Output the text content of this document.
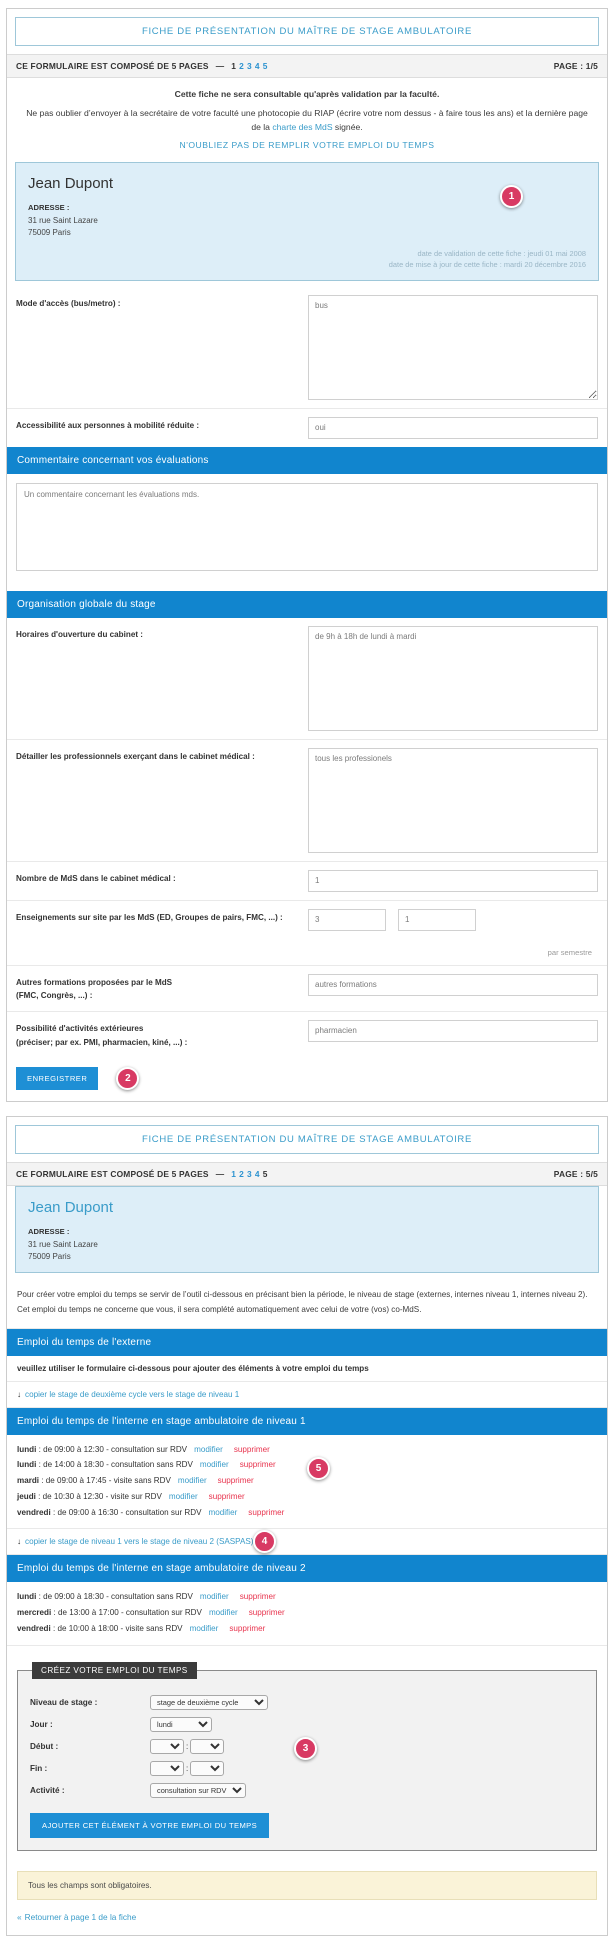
FICHE DE PRÉSENTATION DU MAÎTRE DE STAGE AMBULATOIRE
CE FORMULAIRE EST COMPOSÉ DE 5 PAGES — 1 2 3 4 5	PAGE : 1/5
Cette fiche ne sera consultable qu'après validation par la faculté.
Ne pas oublier d’envoyer à la secrétaire de votre faculté une photocopie du RIAP (écrire votre nom dessus - à faire tous les ans) et la dernière page de la charte des MdS signée.
N'OUBLIEZ PAS DE REMPLIR VOTRE EMPLOI DU TEMPS
1
Jean Dupont
ADRESSE :
31 rue Saint Lazare
75009 Paris
date de validation de cette fiche : jeudi 01 mai 2008
date de mise à jour de cette fiche : mardi 20 décembre 2016
Mode d'accès (bus/metro) :
bus
Accessibilité aux personnes à mobilité réduite :	oui
Commentaire concernant vos évaluations
Un commentaire concernant les évaluations mds.
Organisation globale du stage
Horaires d'ouverture du cabinet :	de 9h à 18h de lundi à mardi
Détailler les professionnels exerçant dans le cabinet médical :	tous les professionels
Nombre de MdS dans le cabinet médical :	1
Enseignements sur site par les MdS (ED, Groupes de pairs, FMC, ...) :	3	1
par semestre
Autres formations proposées par le MdS
(FMC, Congrès, ...) :
autres formations
Possibilité d'activités extérieures
(préciser; par ex. PMI, pharmacien, kiné, ...) :
pharmacien
ENREGISTRER	2
FICHE DE PRÉSENTATION DU MAÎTRE DE STAGE AMBULATOIRE
CE FORMULAIRE EST COMPOSÉ DE 5 PAGES — 1 2 3 4 5	PAGE : 5/5
Jean Dupont
ADRESSE :
31 rue Saint Lazare
75009 Paris
Pour créer votre emploi du temps se servir de l’outil ci-dessous en précisant bien la période, le niveau de stage (externes, internes niveau 1, internes niveau 2).
Cet emploi du temps ne concerne que vous, il sera complété automatiquement avec celui de votre (vos) co-MdS.
Emploi du temps de l'externe
veuillez utiliser le formulaire ci-dessous pour ajouter des éléments à votre emploi du temps
↓ copier le stage de deuxième cycle vers le stage de niveau 1
Emploi du temps de l'interne en stage ambulatoire de niveau 1
5
lundi : de 09:00 à 12:30 - consultation sur RDV modifier supprimer
lundi : de 14:00 à 18:30 - consultation sans RDV modifier supprimer
mardi : de 09:00 à 17:45 - visite sans RDV modifier supprimer
jeudi : de 10:30 à 12:30 - visite sur RDV modifier supprimer
vendredi : de 09:00 à 16:30 - consultation sur RDV modifier supprimer
↓ copier le stage de niveau 1 vers le stage de niveau 2 (SASPAS) 4
Emploi du temps de l'interne en stage ambulatoire de niveau 2
lundi : de 09:00 à 18:30 - consultation sans RDV modifier supprimer
mercredi : de 13:00 à 17:00 - consultation sur RDV modifier supprimer
vendredi : de 10:00 à 18:00 - visite sans RDV modifier supprimer
CRÉEZ VOTRE EMPLOI DU TEMPS
3
Niveau de stage :
stage de deuxième cycle
Jour :
lundi
Début :	:
Fin :	:
Activité :
consultation sur RDV
AJOUTER CET ÉLÉMENT À VOTRE EMPLOI DU TEMPS
Tous les champs sont obligatoires.
« Retourner à page 1 de la fiche
